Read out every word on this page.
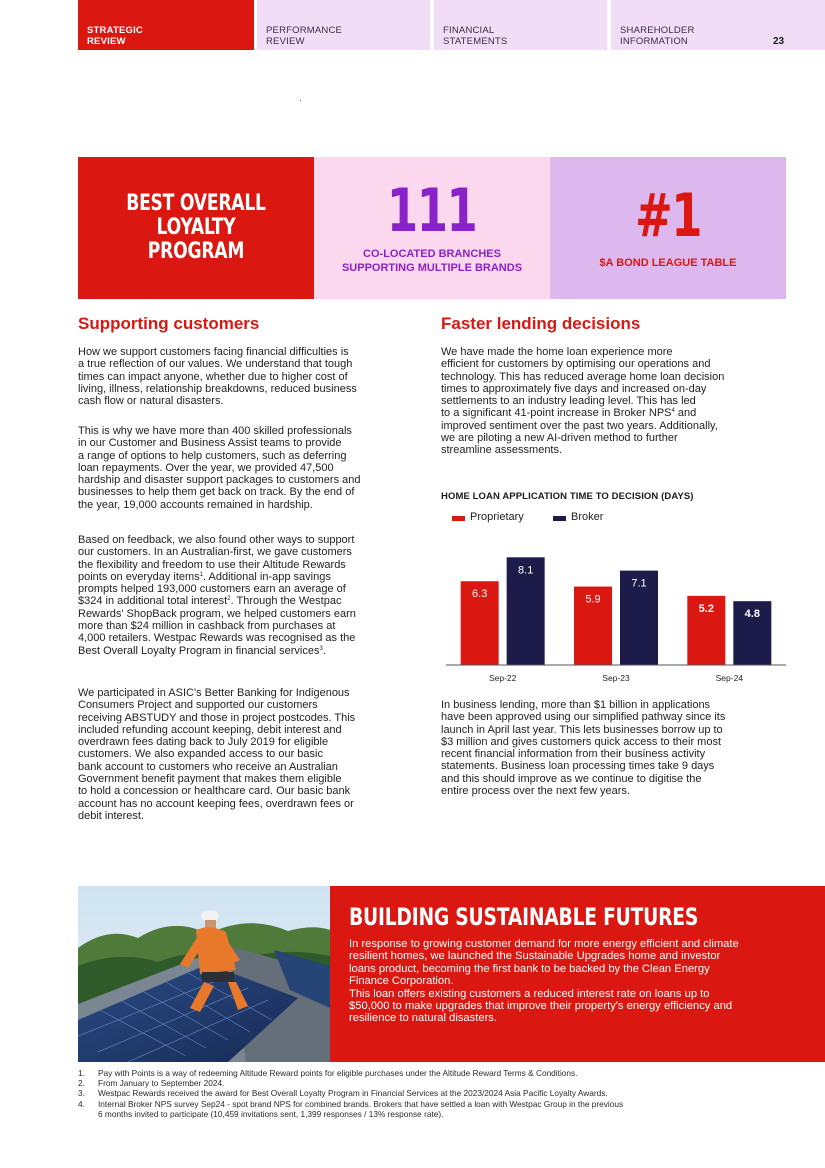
STRATEGIC
REVIEW
PERFORMANCE
REVIEW
FINANCIAL
STATEMENTS
SHAREHOLDER
INFORMATION	23
BEST OVERALL
LOYALTY
PROGRAM
111
CO-LOCATED BRANCHES
SUPPORTING MULTIPLE BRANDS
#1
$A BOND LEAGUE TABLE
Supporting customers
How we support customers facing financial difficulties is
a true reflection of our values. We understand that tough
times can impact anyone, whether due to higher cost of
living, illness, relationship breakdowns, reduced business
cash flow or natural disasters.
This is why we have more than 400 skilled professionals
in our Customer and Business Assist teams to provide
a range of options to help customers, such as deferring
loan repayments. Over the year, we provided 47,500
hardship and disaster support packages to customers and
businesses to help them get back on track. By the end of
the year, 19,000 accounts remained in hardship.
Based on feedback, we also found other ways to support
our customers. In an Australian-first, we gave customers
the flexibility and freedom to use their Altitude Rewards
points on everyday items$^1$. Additional in-app savings
prompts helped 193,000 customers earn an average of
$324 in additional total interest$^2$. Through the Westpac
Rewards' ShopBack program, we helped customers earn
more than $24 million in cashback from purchases at
4,000 retailers. Westpac Rewards was recognised as the
Best Overall Loyalty Program in financial services$^3$.
We participated in ASIC's Better Banking for Indigenous
Consumers Project and supported our customers
receiving ABSTUDY and those in project postcodes. This
included refunding account keeping, debit interest and
overdrawn fees dating back to July 2019 for eligible
customers. We also expanded access to our basic
bank account to customers who receive an Australian
Government benefit payment that makes them eligible
to hold a concession or healthcare card. Our basic bank
account has no account keeping fees, overdrawn fees or
debit interest.
Faster lending decisions
We have made the home loan experience more
efficient for customers by optimising our operations and
technology. This has reduced average home loan decision
times to approximately five days and increased on-day
settlements to an industry leading level. This has led
to a significant 41-point increase in Broker NPS$^4$ and
improved sentiment over the past two years. Additionally,
we are piloting a new AI-driven method to further
streamline assessments.
HOME LOAN APPLICATION TIME TO DECISION (DAYS)
Proprietary	Broker
6.3
8.1
Sep-22
5.9
7.1
Sep-23
5.2	4.8
Sep-24
In business lending, more than $1 billion in applications
have been approved using our simplified pathway since its
launch in April last year. This lets businesses borrow up to
$3 million and gives customers quick access to their most
recent financial information from their business activity
statements. Business loan processing times take 9 days
and this should improve as we continue to digitise the
entire process over the next few years.
BUILDING SUSTAINABLE FUTURES
In response to growing customer demand for more energy efficient and climate
resilient homes, we launched the Sustainable Upgrades home and investor
loans product, becoming the first bank to be backed by the Clean Energy
Finance Corporation.
This loan offers existing customers a reduced interest rate on loans up to
$50,000 to make upgrades that improve their property's energy efficiency and
resilience to natural disasters.
1.	Pay with Points is a way of redeeming Altitude Reward points for eligible purchases under the Altitude Reward Terms & Conditions.
2.	From January to September 2024.
3.	Westpac Rewards received the award for Best Overall Loyalty Program in Financial Services at the 2023/2024 Asia Pacific Loyalty Awards.
4.	Internal Broker NPS survey Sep24 - spot brand NPS for combined brands. Brokers that have settled a loan with Westpac Group in the previous
6 months invited to participate (10,459 invitations sent, 1,399 responses / 13% response rate).
